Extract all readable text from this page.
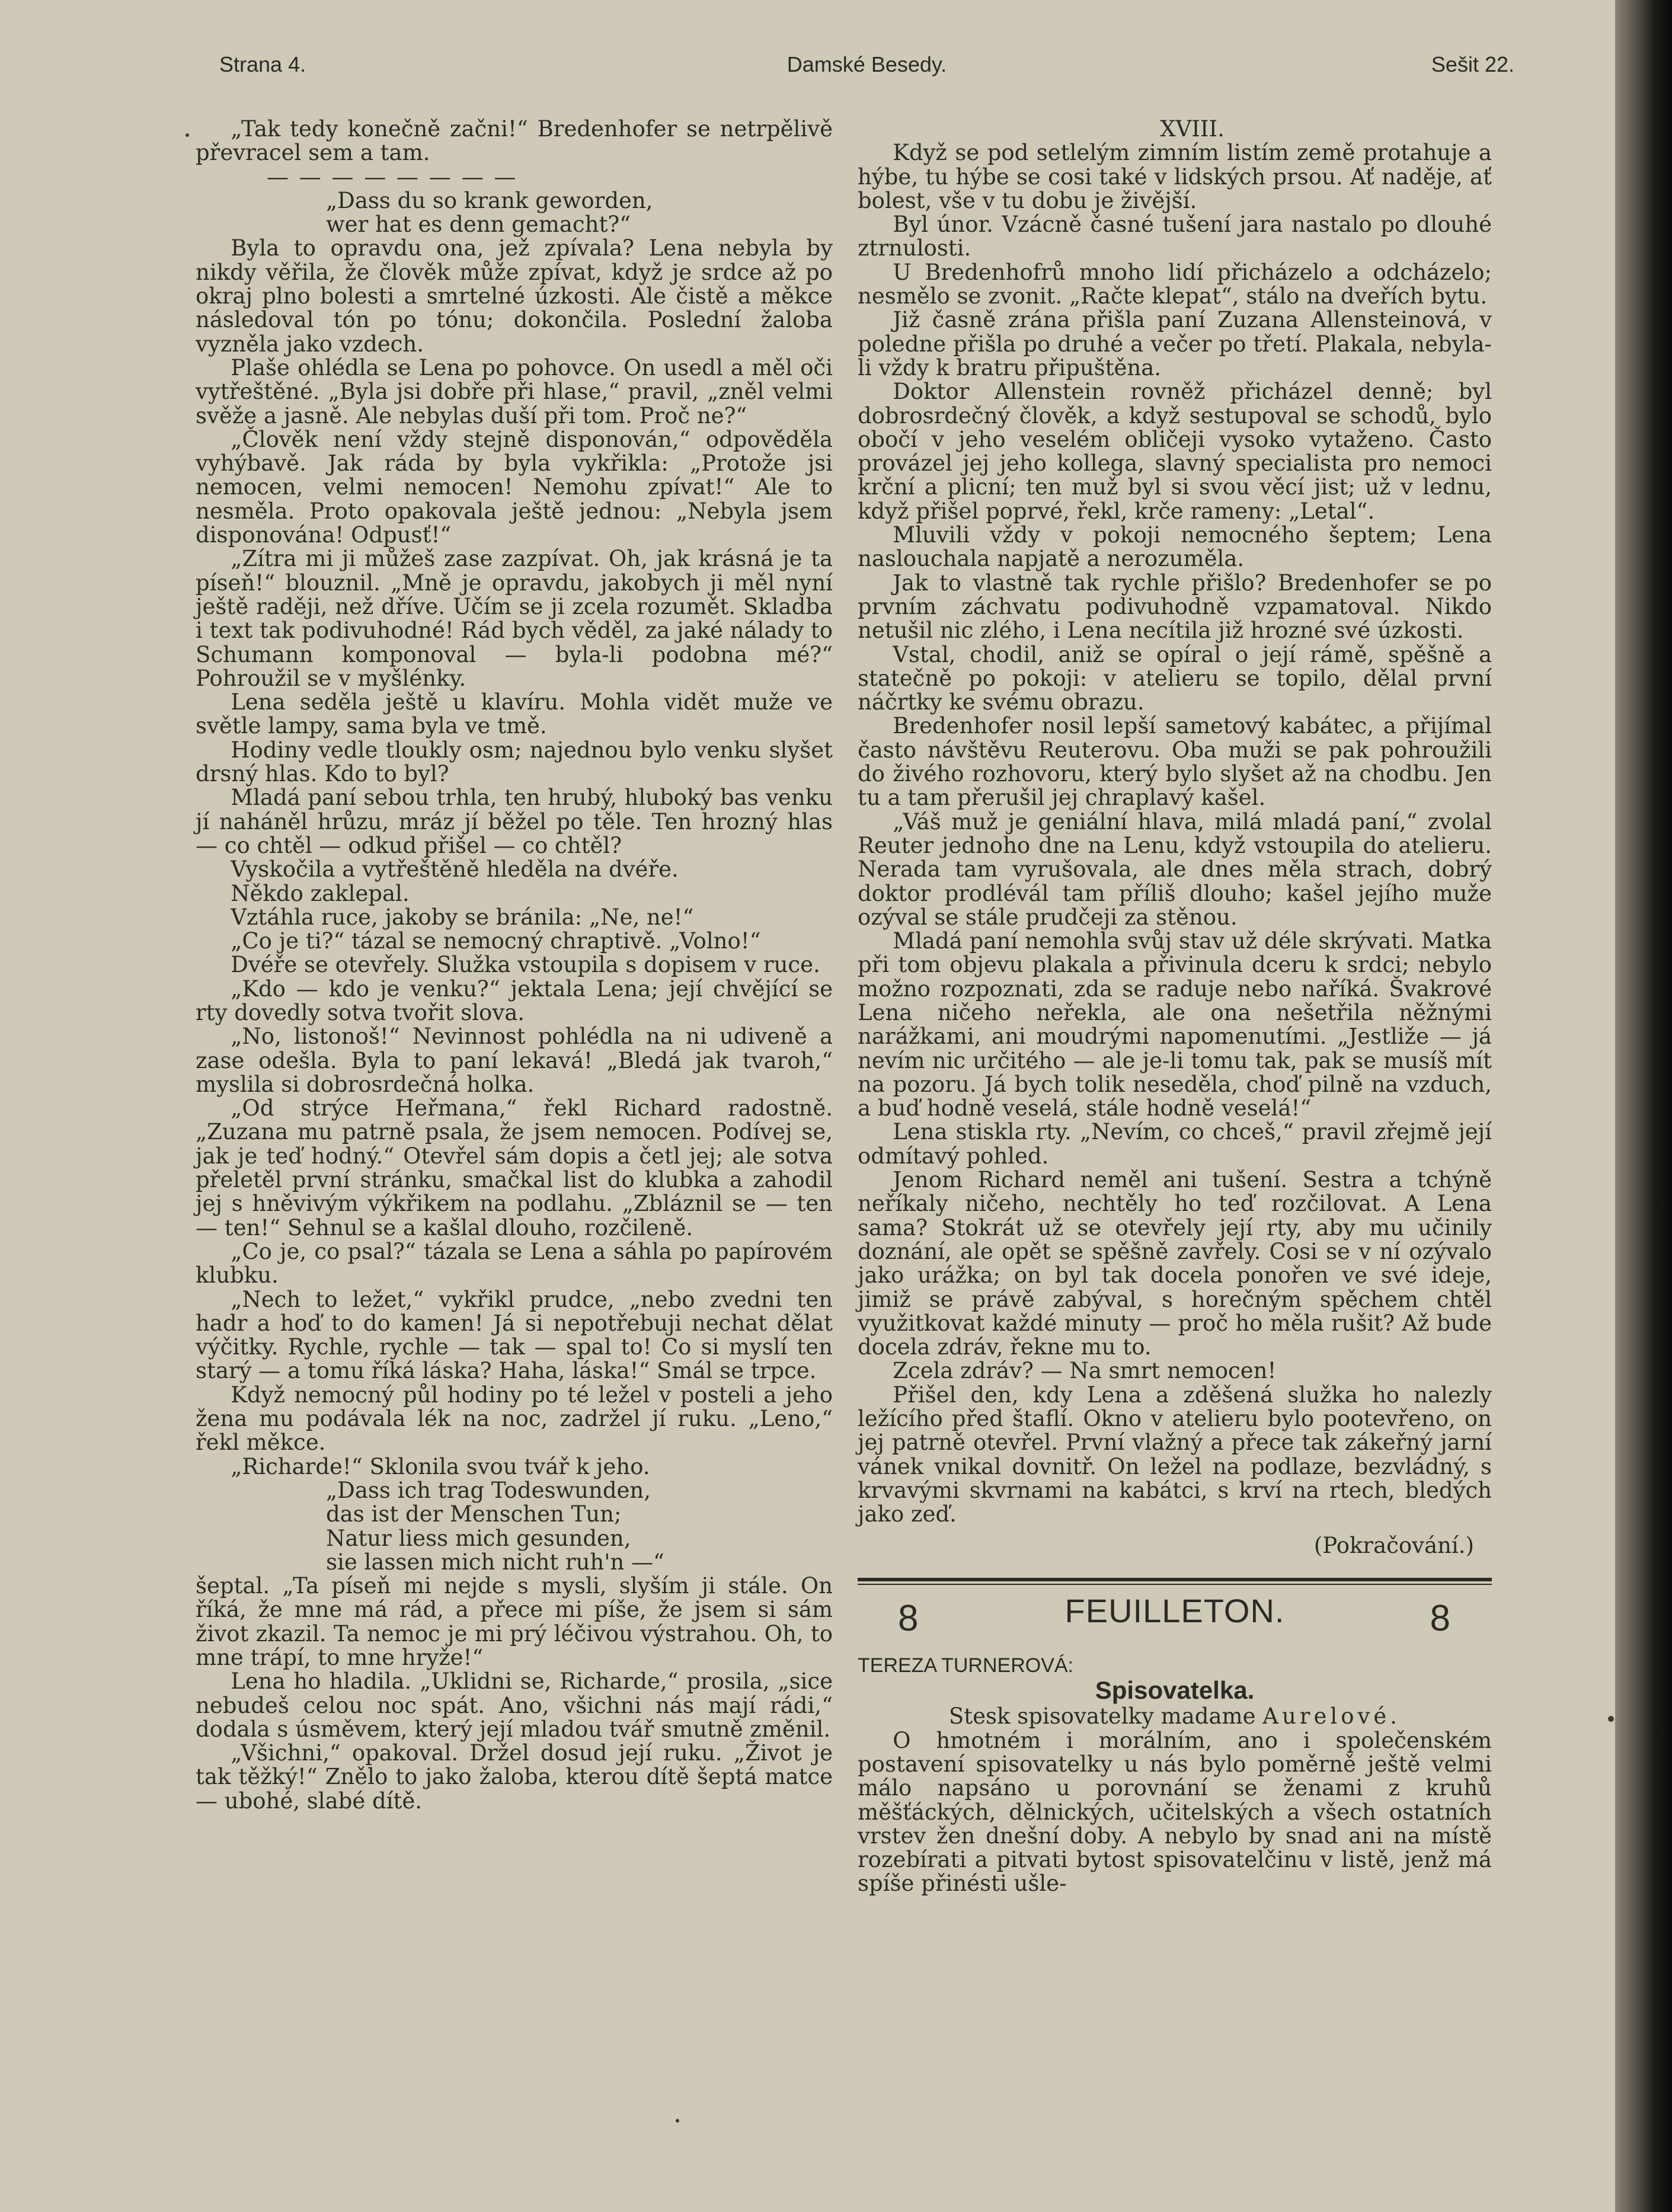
Strana 4.	Damské Besedy.	Sešit 22.

„Tak tedy konečně začni!“ Bredenhofer se netrpělivě převracel sem a tam.

— — — — — — — —
„Dass du so krank geworden,
wer hat es denn gemacht?“

Byla to opravdu ona, jež zpívala? Lena nebyla by nikdy věřila, že člověk může zpívat, když je srdce až po okraj plno bolesti a smrtelné úzkosti. Ale čistě a měkce následoval tón po tónu; dokončila. Poslední žaloba vyzněla jako vzdech.

Plaše ohlédla se Lena po pohovce. On usedl a měl oči vytřeštěné. „Byla jsi dobře při hlase,“ pravil, „zněl velmi svěže a jasně. Ale nebylas duší při tom. Proč ne?“

„Člověk není vždy stejně disponován,“ odpověděla vyhýbavě. Jak ráda by byla vykřikla: „Protože jsi nemocen, velmi nemocen! Nemohu zpívat!“ Ale to nesměla. Proto opakovala ještě jednou: „Nebyla jsem disponována! Odpusť!“

„Zítra mi ji můžeš zase zazpívat. Oh, jak krásná je ta píseň!“ blouznil. „Mně je opravdu, jakobych ji měl nyní ještě raději, než dříve. Učím se ji zcela rozumět. Skladba i text tak podivuhodné! Rád bych věděl, za jaké nálady to Schumann komponoval — byla-li podobna mé?“ Pohroužil se v myšlénky.

Lena seděla ještě u klavíru. Mohla vidět muže ve světle lampy, sama byla ve tmě.

Hodiny vedle tloukly osm; najednou bylo venku slyšet drsný hlas. Kdo to byl?

Mladá paní sebou trhla, ten hrubý, hluboký bas venku jí naháněl hrůzu, mráz jí běžel po těle. Ten hrozný hlas — co chtěl — odkud přišel — co chtěl?

Vyskočila a vytřeštěně hleděla na dvéře.

Někdo zaklepal.

Vztáhla ruce, jakoby se bránila: „Ne, ne!“

„Co je ti?“ tázal se nemocný chraptivě. „Volno!“

Dvéře se otevřely. Služka vstoupila s dopisem v ruce.

„Kdo — kdo je venku?“ jektala Lena; její chvějící se rty dovedly sotva tvořit slova.

„No, listonoš!“ Nevinnost pohlédla na ni udiveně a zase odešla. Byla to paní lekavá! „Bledá jak tvaroh,“ myslila si dobrosrdečná holka.

„Od strýce Heřmana,“ řekl Richard radostně. „Zuzana mu patrně psala, že jsem nemocen. Podívej se, jak je teď hodný.“ Otevřel sám dopis a četl jej; ale sotva přeletěl první stránku, smačkal list do klubka a zahodil jej s hněvivým výkřikem na podlahu. „Zbláznil se — ten — ten!“ Sehnul se a kašlal dlouho, rozčileně.

„Co je, co psal?“ tázala se Lena a sáhla po papírovém klubku.

„Nech to ležet,“ vykřikl prudce, „nebo zvedni ten hadr a hoď to do kamen! Já si nepotřebuji nechat dělat výčitky. Rychle, rychle — tak — spal to! Co si myslí ten starý — a tomu říká láska? Haha, láska!“ Smál se trpce.

Když nemocný půl hodiny po té ležel v posteli a jeho žena mu podávala lék na noc, zadržel jí ruku. „Leno,“ řekl měkce.

„Richarde!“ Sklonila svou tvář k jeho.

„Dass ich trag Todeswunden,
das ist der Menschen Tun;
Natur liess mich gesunden,
sie lassen mich nicht ruh'n —“

šeptal. „Ta píseň mi nejde s mysli, slyším ji stále. On říká, že mne má rád, a přece mi píše, že jsem si sám život zkazil. Ta nemoc je mi prý léčivou výstrahou. Oh, to mne trápí, to mne hryže!“

Lena ho hladila. „Uklidni se, Richarde,“ prosila, „sice nebudeš celou noc spát. Ano, všichni nás mají rádi,“ dodala s úsměvem, který její mladou tvář smutně změnil.

„Všichni,“ opakoval. Držel dosud její ruku. „Život je tak těžký!“ Znělo to jako žaloba, kterou dítě šeptá matce — ubohé, slabé dítě.

XVIII.

Když se pod setlelým zimním listím země protahuje a hýbe, tu hýbe se cosi také v lidských prsou. Ať naděje, ať bolest, vše v tu dobu je živější.

Byl únor. Vzácně časné tušení jara nastalo po dlouhé ztrnulosti.

U Bredenhofrů mnoho lidí přicházelo a odcházelo; nesmělo se zvonit. „Račte klepat“, stálo na dveřích bytu.

Již časně zrána přišla paní Zuzana Allensteinová, v poledne přišla po druhé a večer po třetí. Plakala, nebyla-li vždy k bratru připuštěna.

Doktor Allenstein rovněž přicházel denně; byl dobrosrdečný člověk, a když sestupoval se schodů, bylo obočí v jeho veselém obličeji vysoko vytaženo. Často provázel jej jeho kollega, slavný specialista pro nemoci krční a plicní; ten muž byl si svou věcí jist; už v lednu, když přišel poprvé, řekl, krče rameny: „Letal“.

Mluvili vždy v pokoji nemocného šeptem; Lena naslouchala napjatě a nerozuměla.

Jak to vlastně tak rychle přišlo? Bredenhofer se po prvním záchvatu podivuhodně vzpamatoval. Nikdo netušil nic zlého, i Lena necítila již hrozné své úzkosti.

Vstal, chodil, aniž se opíral o její rámě, spěšně a statečně po pokoji: v atelieru se topilo, dělal první náčrtky ke svému obrazu.

Bredenhofer nosil lepší sametový kabátec, a přijímal často návštěvu Reuterovu. Oba muži se pak pohroužili do živého rozhovoru, který bylo slyšet až na chodbu. Jen tu a tam přerušil jej chraplavý kašel.

„Váš muž je geniální hlava, milá mladá paní,“ zvolal Reuter jednoho dne na Lenu, když vstoupila do atelieru. Nerada tam vyrušovala, ale dnes měla strach, dobrý doktor prodlévál tam příliš dlouho; kašel jejího muže ozýval se stále prudčeji za stěnou.

Mladá paní nemohla svůj stav už déle skrývati. Matka při tom objevu plakala a přivinula dceru k srdci; nebylo možno rozpoznati, zda se raduje nebo naříká. Švakrové Lena ničeho neřekla, ale ona nešetřila něžnými narážkami, ani moudrými napomenutími. „Jestliže — já nevím nic určitého — ale je-li tomu tak, pak se musíš mít na pozoru. Já bych tolik neseděla, choď pilně na vzduch, a buď hodně veselá, stále hodně veselá!“

Lena stiskla rty. „Nevím, co chceš,“ pravil zřejmě její odmítavý pohled.

Jenom Richard neměl ani tušení. Sestra a tchýně neříkaly ničeho, nechtěly ho teď rozčilovat. A Lena sama? Stokrát už se otevřely její rty, aby mu učinily doznání, ale opět se spěšně zavřely. Cosi se v ní ozývalo jako urážka; on byl tak docela ponořen ve své ideje, jimiž se právě zabýval, s horečným spěchem chtěl využitkovat každé minuty — proč ho měla rušit? Až bude docela zdráv, řekne mu to.

Zcela zdráv? — Na smrt nemocen!

Přišel den, kdy Lena a zděšená služka ho nalezly ležícího před štaflí. Okno v atelieru bylo pootevřeno, on jej patrně otevřel. První vlažný a přece tak zákeřný jarní vánek vnikal dovnitř. On ležel na podlaze, bezvládný, s krvavými skvrnami na kabátci, s krví na rtech, bledých jako zeď.

(Pokračování.)
8	FEUILLETON.	8
TEREZA TURNEROVÁ:
Spisovatelka.
Stesk spisovatelky madame Aurelové.

O hmotném i morálním, ano i společenském postavení spisovatelky u nás bylo poměrně ještě velmi málo napsáno u porovnání se ženami z kruhů měšťáckých, dělnických, učitelských a všech ostatních vrstev žen dnešní doby. A nebylo by snad ani na místě rozebírati a pitvati bytost spisovatelčinu v listě, jenž má spíše přinésti ušle-
